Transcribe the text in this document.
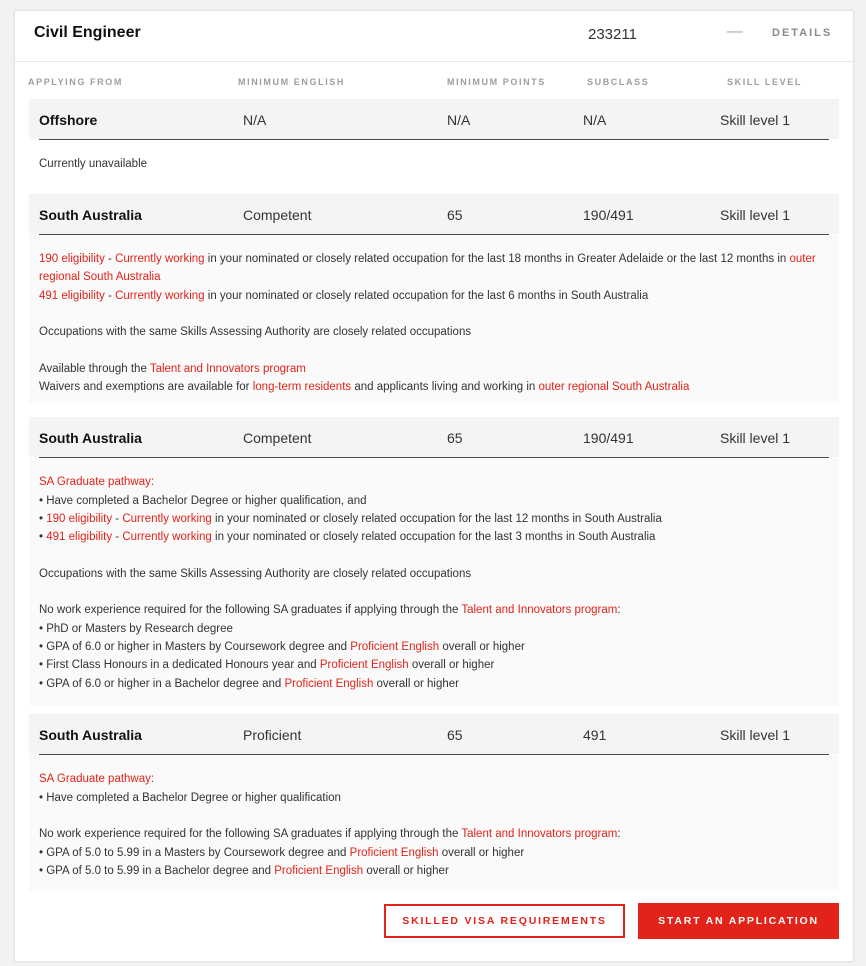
Civil Engineer	233211	—	DETAILS
APPLYING FROM	MINIMUM ENGLISH	MINIMUM POINTS	SUBCLASS	SKILL LEVEL
Offshore	N/A	N/A	N/A	Skill level 1

Currently unavailable

South Australia	Competent	65	190/491	Skill level 1

190 eligibility - Currently working in your nominated or closely related occupation for the last 18 months in Greater Adelaide or the last 12 months in outer regional South Australia

491 eligibility - Currently working in your nominated or closely related occupation for the last 6 months in South Australia

Occupations with the same Skills Assessing Authority are closely related occupations

Available through the Talent and Innovators program

Waivers and exemptions are available for long-term residents and applicants living and working in outer regional South Australia

South Australia	Competent	65	190/491	Skill level 1

SA Graduate pathway:

• Have completed a Bachelor Degree or higher qualification, and

• 190 eligibility - Currently working in your nominated or closely related occupation for the last 12 months in South Australia

• 491 eligibility - Currently working in your nominated or closely related occupation for the last 3 months in South Australia

Occupations with the same Skills Assessing Authority are closely related occupations

No work experience required for the following SA graduates if applying through the Talent and Innovators program:

• PhD or Masters by Research degree

• GPA of 6.0 or higher in Masters by Coursework degree and Proficient English overall or higher

• First Class Honours in a dedicated Honours year and Proficient English overall or higher

• GPA of 6.0 or higher in a Bachelor degree and Proficient English overall or higher

South Australia	Proficient	65	491	Skill level 1

SA Graduate pathway:

• Have completed a Bachelor Degree or higher qualification

No work experience required for the following SA graduates if applying through the Talent and Innovators program:

• GPA of 5.0 to 5.99 in a Masters by Coursework degree and Proficient English overall or higher

• GPA of 5.0 to 5.99 in a Bachelor degree and Proficient English overall or higher

SKILLED VISA REQUIREMENTS	START AN APPLICATION
